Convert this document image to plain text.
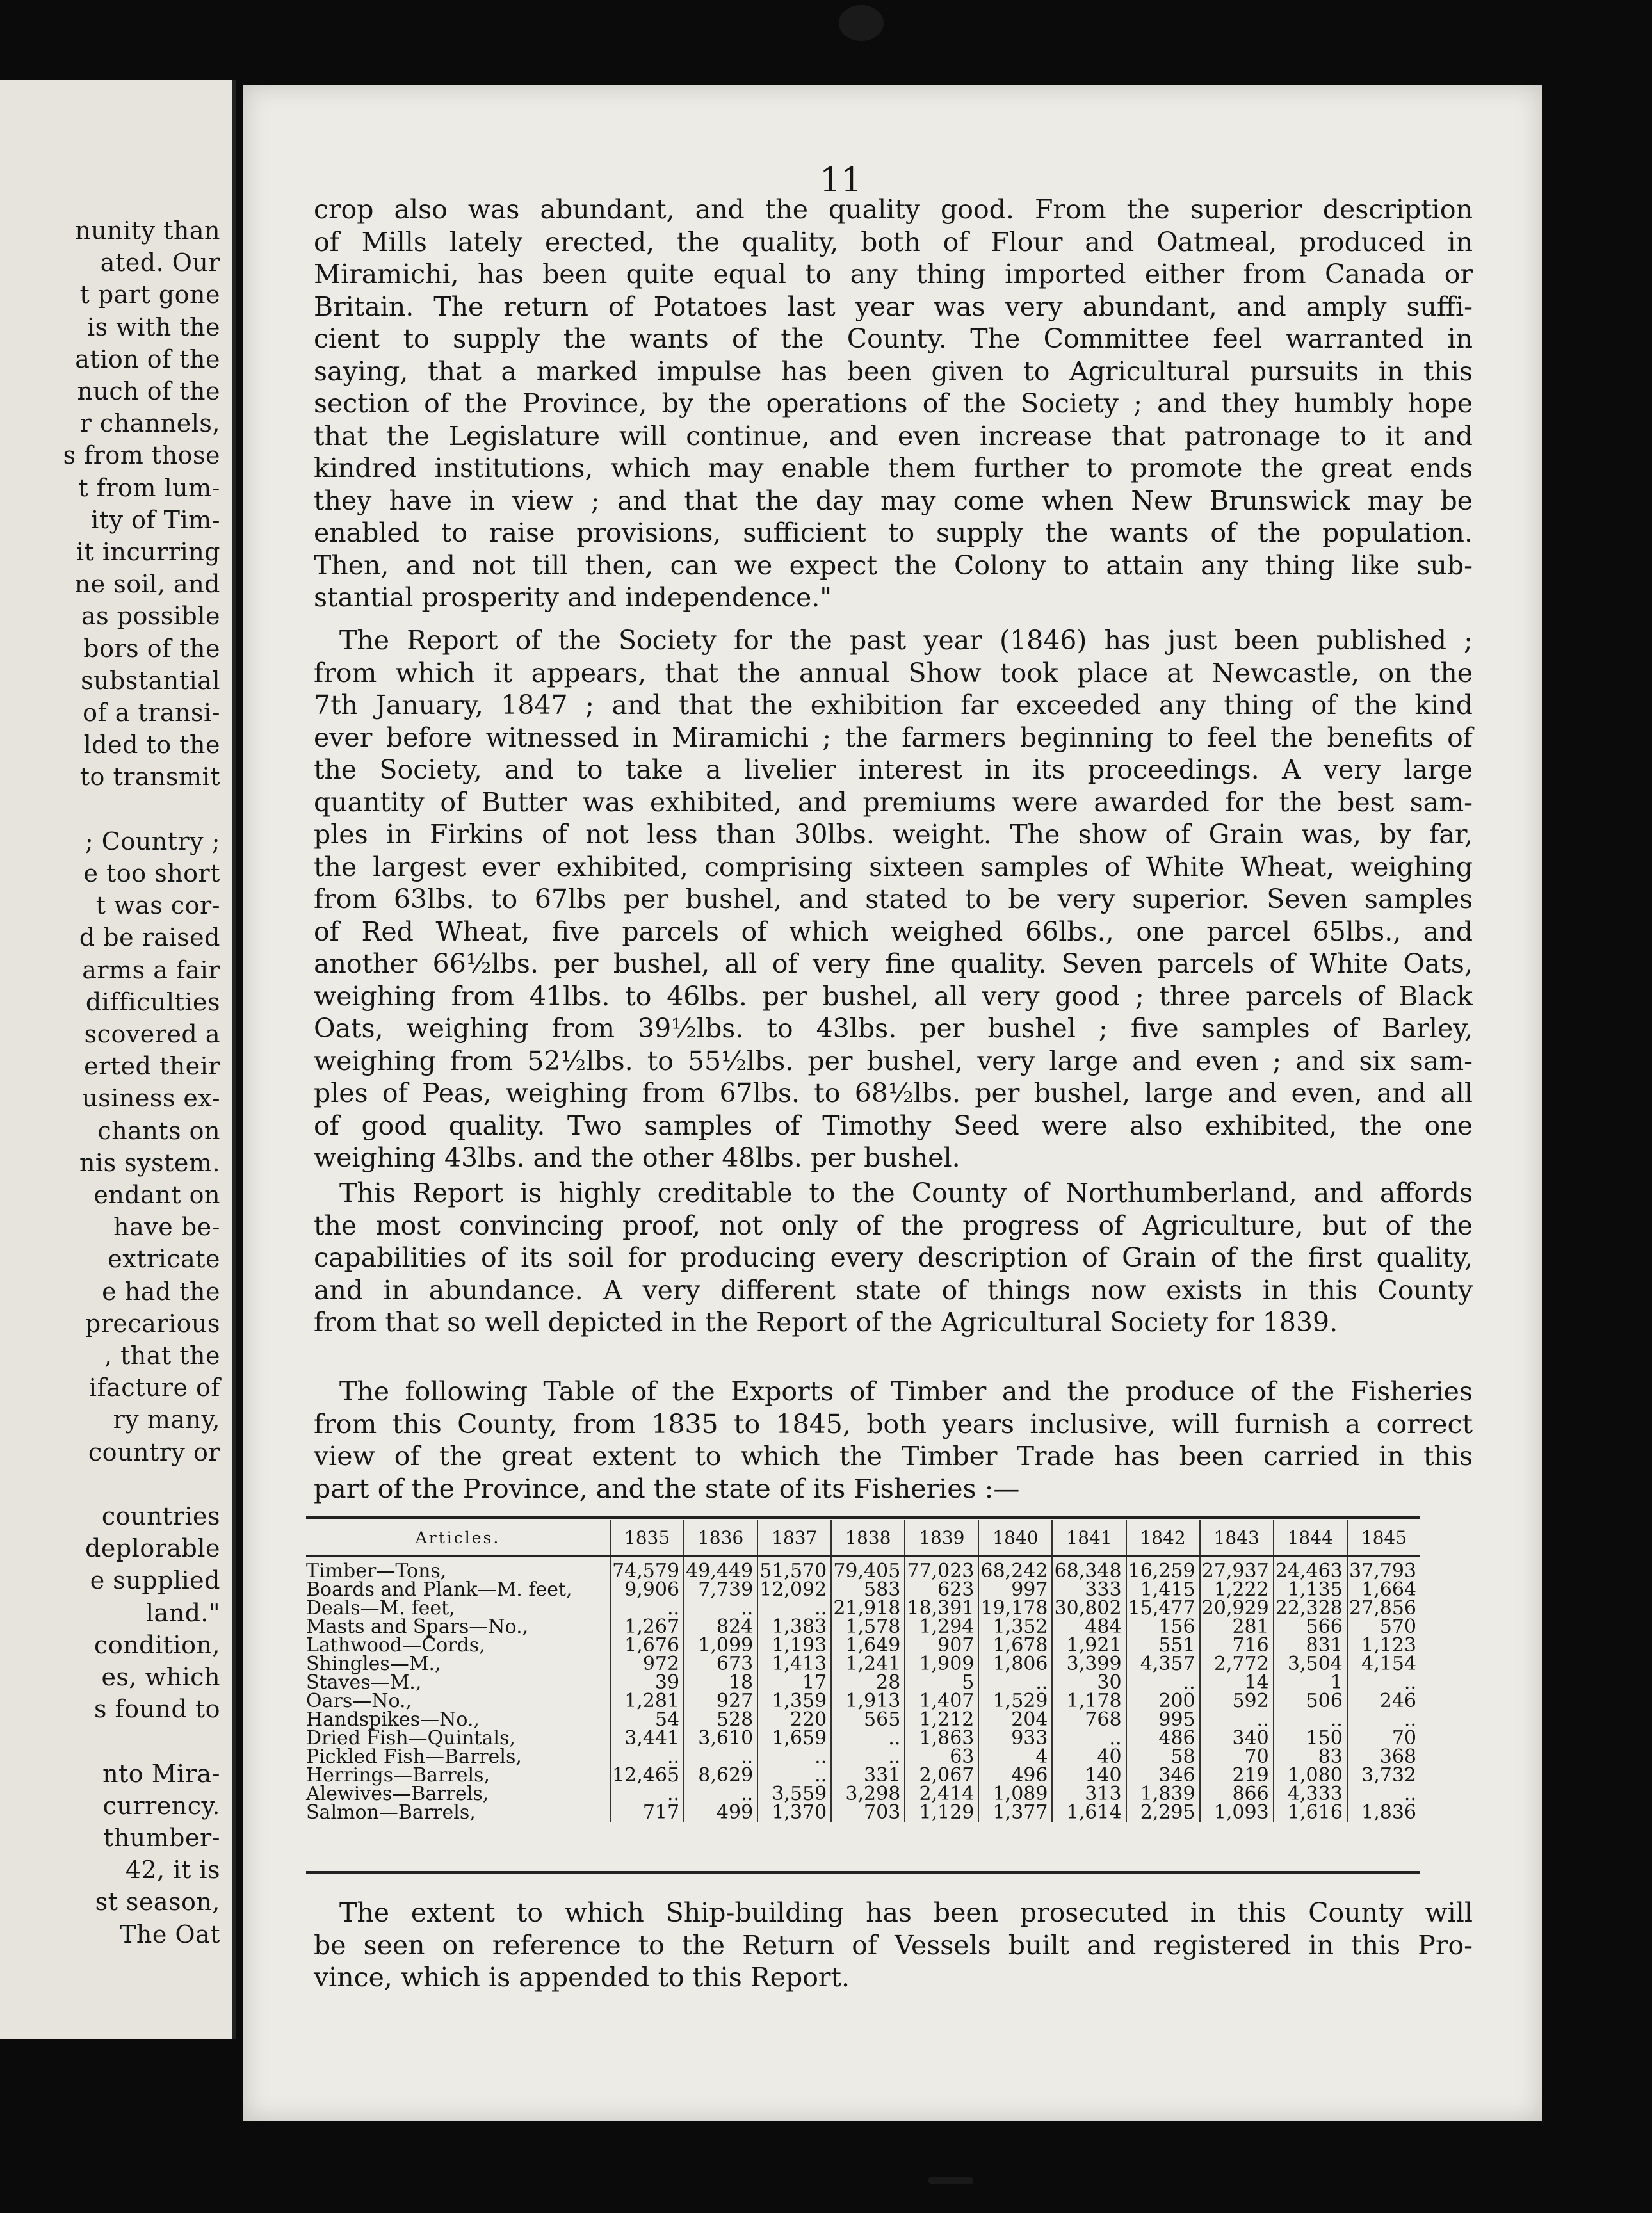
nunity than
ated. Our
t part gone
is with the
ation of the
nuch of the
r channels,
s from those
t from lum-
ity of Tim-
it incurring
ne soil, and
as possible
bors of the
substantial
of a transi-
lded to the
to transmit
; Country ;
e too short
t was cor-
d be raised
arms a fair
difficulties
scovered a
erted their
usiness ex-
chants on
nis system.
endant on
have be-
extricate
e had the
precarious
, that the
ifacture of
ry many,
country or
countries
deplorable
e supplied
land."
condition,
es, which
s found to
nto Mira-
currency.
thumber-
42, it is
st season,
The Oat
11
crop also was abundant, and the quality good. From the superior description
of Mills lately erected, the quality, both of Flour and Oatmeal, produced in
Miramichi, has been quite equal to any thing imported either from Canada or
Britain. The return of Potatoes last year was very abundant, and amply suffi-
cient to supply the wants of the County. The Committee feel warranted in
saying, that a marked impulse has been given to Agricultural pursuits in this
section of the Province, by the operations of the Society ; and they humbly hope
that the Legislature will continue, and even increase that patronage to it and
kindred institutions, which may enable them further to promote the great ends
they have in view ; and that the day may come when New Brunswick may be
enabled to raise provisions, sufficient to supply the wants of the population.
Then, and not till then, can we expect the Colony to attain any thing like sub-
stantial prosperity and independence."
The Report of the Society for the past year (1846) has just been published ;
from which it appears, that the annual Show took place at Newcastle, on the
7th January, 1847 ; and that the exhibition far exceeded any thing of the kind
ever before witnessed in Miramichi ; the farmers beginning to feel the benefits of
the Society, and to take a livelier interest in its proceedings. A very large
quantity of Butter was exhibited, and premiums were awarded for the best sam-
ples in Firkins of not less than 30lbs. weight. The show of Grain was, by far,
the largest ever exhibited, comprising sixteen samples of White Wheat, weighing
from 63lbs. to 67lbs per bushel, and stated to be very superior. Seven samples
of Red Wheat, five parcels of which weighed 66lbs., one parcel 65lbs., and
another 66½lbs. per bushel, all of very fine quality. Seven parcels of White Oats,
weighing from 41lbs. to 46lbs. per bushel, all very good ; three parcels of Black
Oats, weighing from 39½lbs. to 43lbs. per bushel ; five samples of Barley,
weighing from 52½lbs. to 55½lbs. per bushel, very large and even ; and six sam-
ples of Peas, weighing from 67lbs. to 68½lbs. per bushel, large and even, and all
of good quality. Two samples of Timothy Seed were also exhibited, the one
weighing 43lbs. and the other 48lbs. per bushel.
This Report is highly creditable to the County of Northumberland, and affords
the most convincing proof, not only of the progress of Agriculture, but of the
capabilities of its soil for producing every description of Grain of the first quality,
and in abundance. A very different state of things now exists in this County
from that so well depicted in the Report of the Agricultural Society for 1839.
The following Table of the Exports of Timber and the produce of the Fisheries
from this County, from 1835 to 1845, both years inclusive, will furnish a correct
view of the great extent to which the Timber Trade has been carried in this
part of the Province, and the state of its Fisheries :—
Articles.	1835	1836	1837	1838	1839	1840	1841	1842	1843	1844	1845
Timber—Tons,	74,579	49,449	51,570	79,405	77,023	68,242	68,348	16,259	27,937	24,463	37,793
Boards and Plank—M. feet,	9,906	7,739	12,092	583	623	997	333	1,415	1,222	1,135	1,664
Deals—M. feet,	..	..	..	21,918	18,391	19,178	30,802	15,477	20,929	22,328	27,856
Masts and Spars—No.,	1,267	824	1,383	1,578	1,294	1,352	484	156	281	566	570
Lathwood—Cords,	1,676	1,099	1,193	1,649	907	1,678	1,921	551	716	831	1,123
Shingles—M.,	972	673	1,413	1,241	1,909	1,806	3,399	4,357	2,772	3,504	4,154
Staves—M.,	39	18	17	28	5	..	30	..	14	1	..
Oars—No.,	1,281	927	1,359	1,913	1,407	1,529	1,178	200	592	506	246
Handspikes—No.,	54	528	220	565	1,212	204	768	995	..	..	..
Dried Fish—Quintals,	3,441	3,610	1,659	..	1,863	933	..	486	340	150	70
Pickled Fish—Barrels,	..	..	..	..	63	4	40	58	70	83	368
Herrings—Barrels,	12,465	8,629	..	331	2,067	496	140	346	219	1,080	3,732
Alewives—Barrels,	..	..	3,559	3,298	2,414	1,089	313	1,839	866	4,333	..
Salmon—Barrels,	717	499	1,370	703	1,129	1,377	1,614	2,295	1,093	1,616	1,836
The extent to which Ship-building has been prosecuted in this County will
be seen on reference to the Return of Vessels built and registered in this Pro-
vince, which is appended to this Report.
